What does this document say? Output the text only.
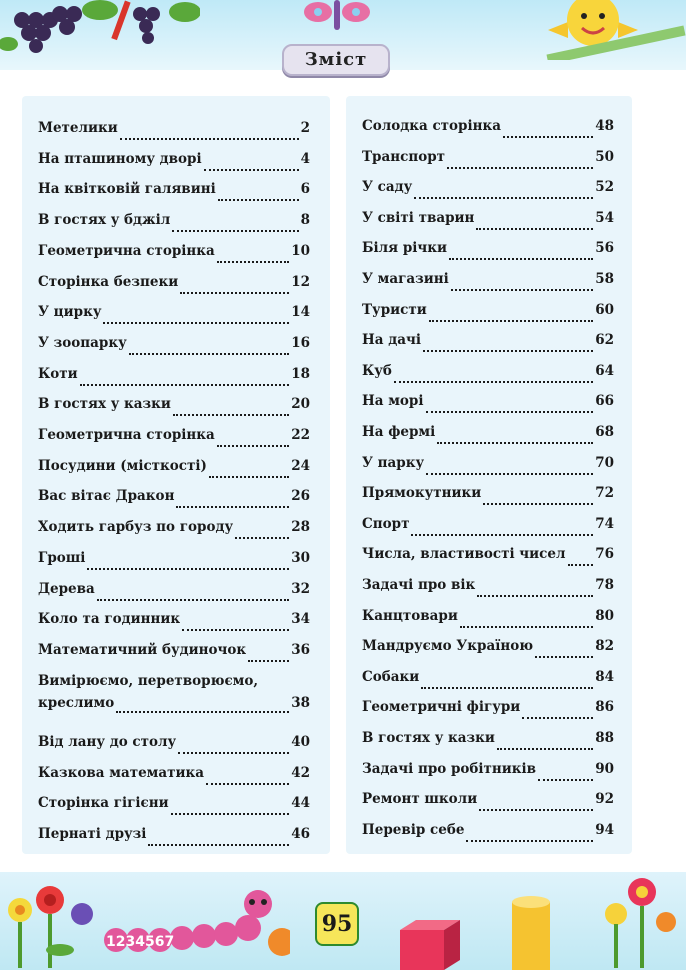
Зміст
Метелики	2
На пташиному дворі	4
На квітковій галявині	6
В гостях у бджіл	8
Геометрична сторінка	10
Сторінка безпеки	12
У цирку	14
У зоопарку	16
Коти	18
В гостях у казки	20
Геометрична сторінка	22
Посудини (місткості)	24
Вас вітає Дракон	26
Ходить гарбуз по городу	28
Гроші	30
Дерева	32
Коло та годинник	34
Математичний будиночок	36
Вимірюємо, перетворюємо,
креслимо	38
Від лану до столу	40
Казкова математика	42
Сторінка гігієни	44
Пернаті друзі	46
Солодка сторінка	48
Транспорт	50
У саду	52
У світі тварин	54
Біля річки	56
У магазині	58
Туристи	60
На дачі	62
Куб	64
На морі	66
На фермі	68
У парку	70
Прямокутники	72
Спорт	74
Числа, властивості чисел 76
Задачі про вік	78
Канцтовари	80
Мандруємо Україною	82
Собаки	84
Геометричні фігури	86
В гостях у казки	88
Задачі про робітників	90
Ремонт школи	92
Перевір себе	94
1234567
95
